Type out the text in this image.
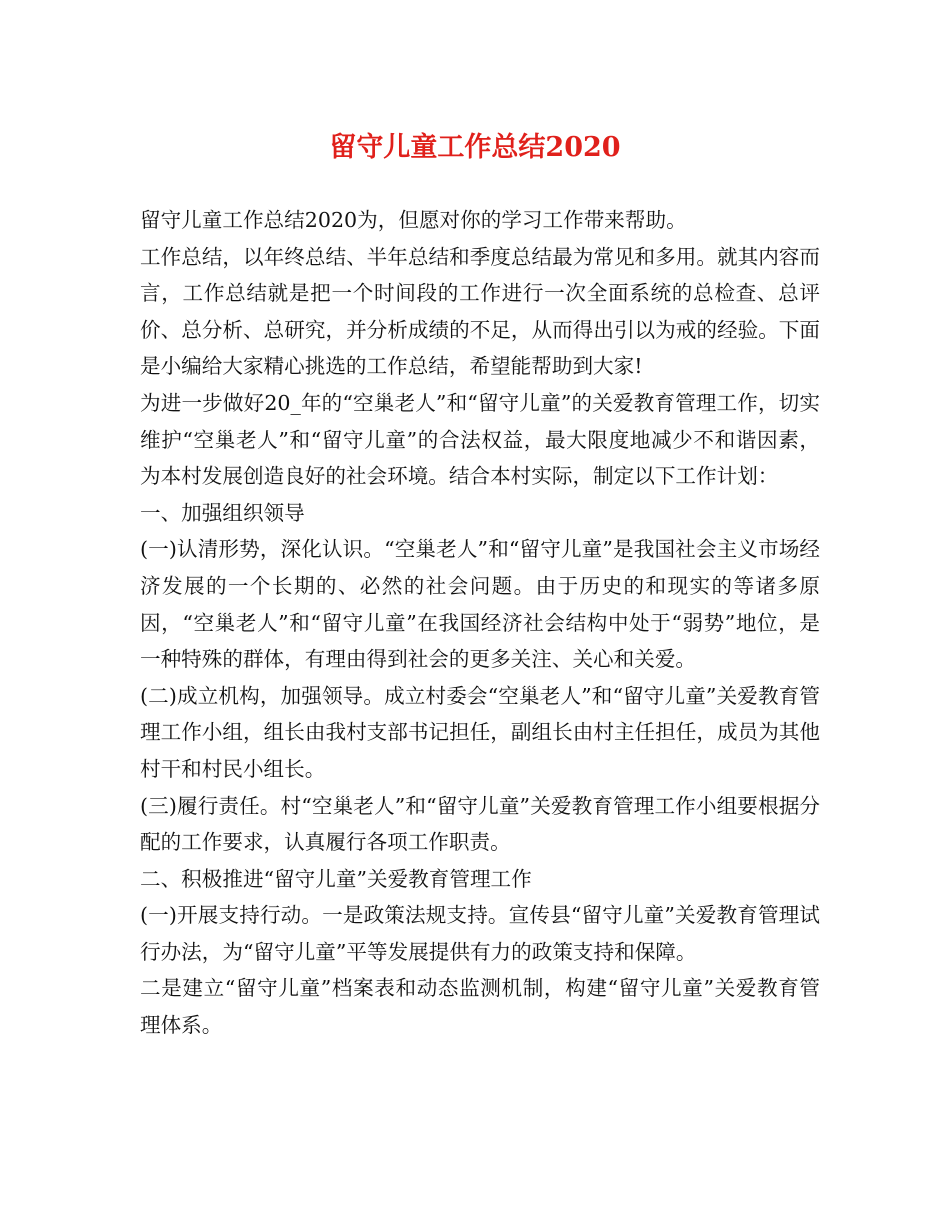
留守儿童工作总结2020

留守儿童工作总结2020为，但愿对你的学习工作带来帮助。

工作总结，以年终总结、半年总结和季度总结最为常见和多用。就其内容而言，工作总结就是把一个时间段的工作进行一次全面系统的总检查、总评价、总分析、总研究，并分析成绩的不足，从而得出引以为戒的经验。下面是小编给大家精心挑选的工作总结，希望能帮助到大家!

为进一步做好20_年的“空巢老人”和“留守儿童”的关爱教育管理工作，切实维护“空巢老人”和“留守儿童”的合法权益，最大限度地减少不和谐因素，为本村发展创造良好的社会环境。结合本村实际，制定以下工作计划：

一、加强组织领导

(一)认清形势，深化认识。“空巢老人”和“留守儿童”是我国社会主义市场经济发展的一个长期的、必然的社会问题。由于历史的和现实的等诸多原因，“空巢老人”和“留守儿童”在我国经济社会结构中处于“弱势”地位，是一种特殊的群体，有理由得到社会的更多关注、关心和关爱。

(二)成立机构，加强领导。成立村委会“空巢老人”和“留守儿童”关爱教育管理工作小组，组长由我村支部书记担任，副组长由村主任担任，成员为其他村干和村民小组长。

(三)履行责任。村“空巢老人”和“留守儿童”关爱教育管理工作小组要根据分配的工作要求，认真履行各项工作职责。

二、积极推进“留守儿童”关爱教育管理工作

(一)开展支持行动。一是政策法规支持。宣传县“留守儿童”关爱教育管理试行办法，为“留守儿童”平等发展提供有力的政策支持和保障。

二是建立“留守儿童”档案表和动态监测机制，构建“留守儿童”关爱教育管理体系。
